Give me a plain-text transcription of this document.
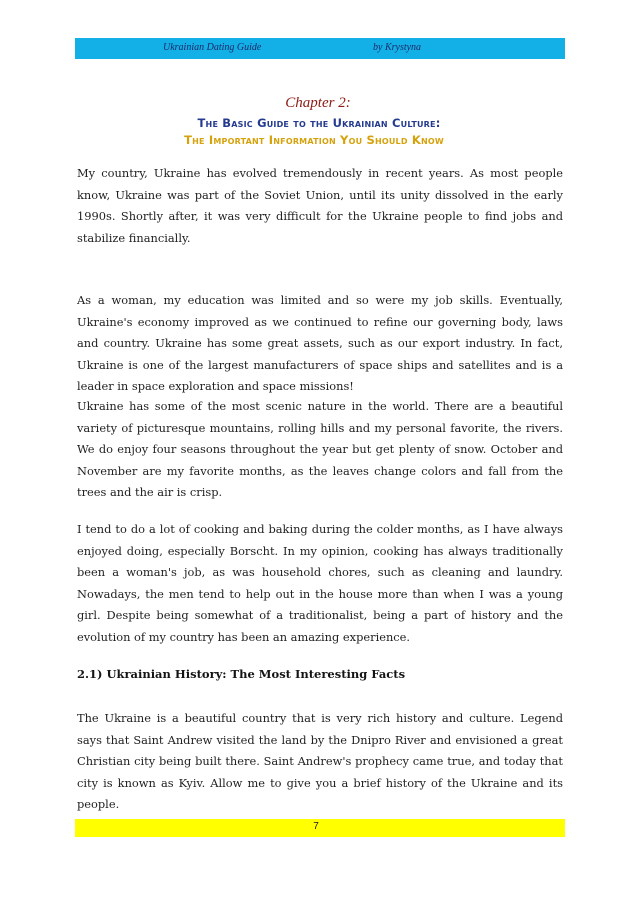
Ukrainian Dating Guide	by Krystyna
Chapter 2:
The Basic Guide to the Ukrainian Culture:
The Important Information You Should Know
My country, Ukraine has evolved tremendously in recent years. As most people know, Ukraine was part of the Soviet Union, until its unity dissolved in the early 1990s. Shortly after, it was very difficult for the Ukraine people to find jobs and stabilize financially.
As a woman, my education was limited and so were my job skills. Eventually, Ukraine's economy improved as we continued to refine our governing body, laws and country. Ukraine has some great assets, such as our export industry. In fact, Ukraine is one of the largest manufacturers of space ships and satellites and is a leader in space exploration and space missions!
Ukraine has some of the most scenic nature in the world. There are a beautiful variety of picturesque mountains, rolling hills and my personal favorite, the rivers. We do enjoy four seasons throughout the year but get plenty of snow. October and November are my favorite months, as the leaves change colors and fall from the trees and the air is crisp.
I tend to do a lot of cooking and baking during the colder months, as I have always enjoyed doing, especially Borscht. In my opinion, cooking has always traditionally been a woman's job, as was household chores, such as cleaning and laundry. Nowadays, the men tend to help out in the house more than when I was a young girl. Despite being somewhat of a traditionalist, being a part of history and the evolution of my country has been an amazing experience.
2.1) Ukrainian History: The Most Interesting Facts
The Ukraine is a beautiful country that is very rich history and culture. Legend says that Saint Andrew visited the land by the Dnipro River and envisioned a great Christian city being built there. Saint Andrew's prophecy came true, and today that city is known as Kyiv. Allow me to give you a brief history of the Ukraine and its people.
7
